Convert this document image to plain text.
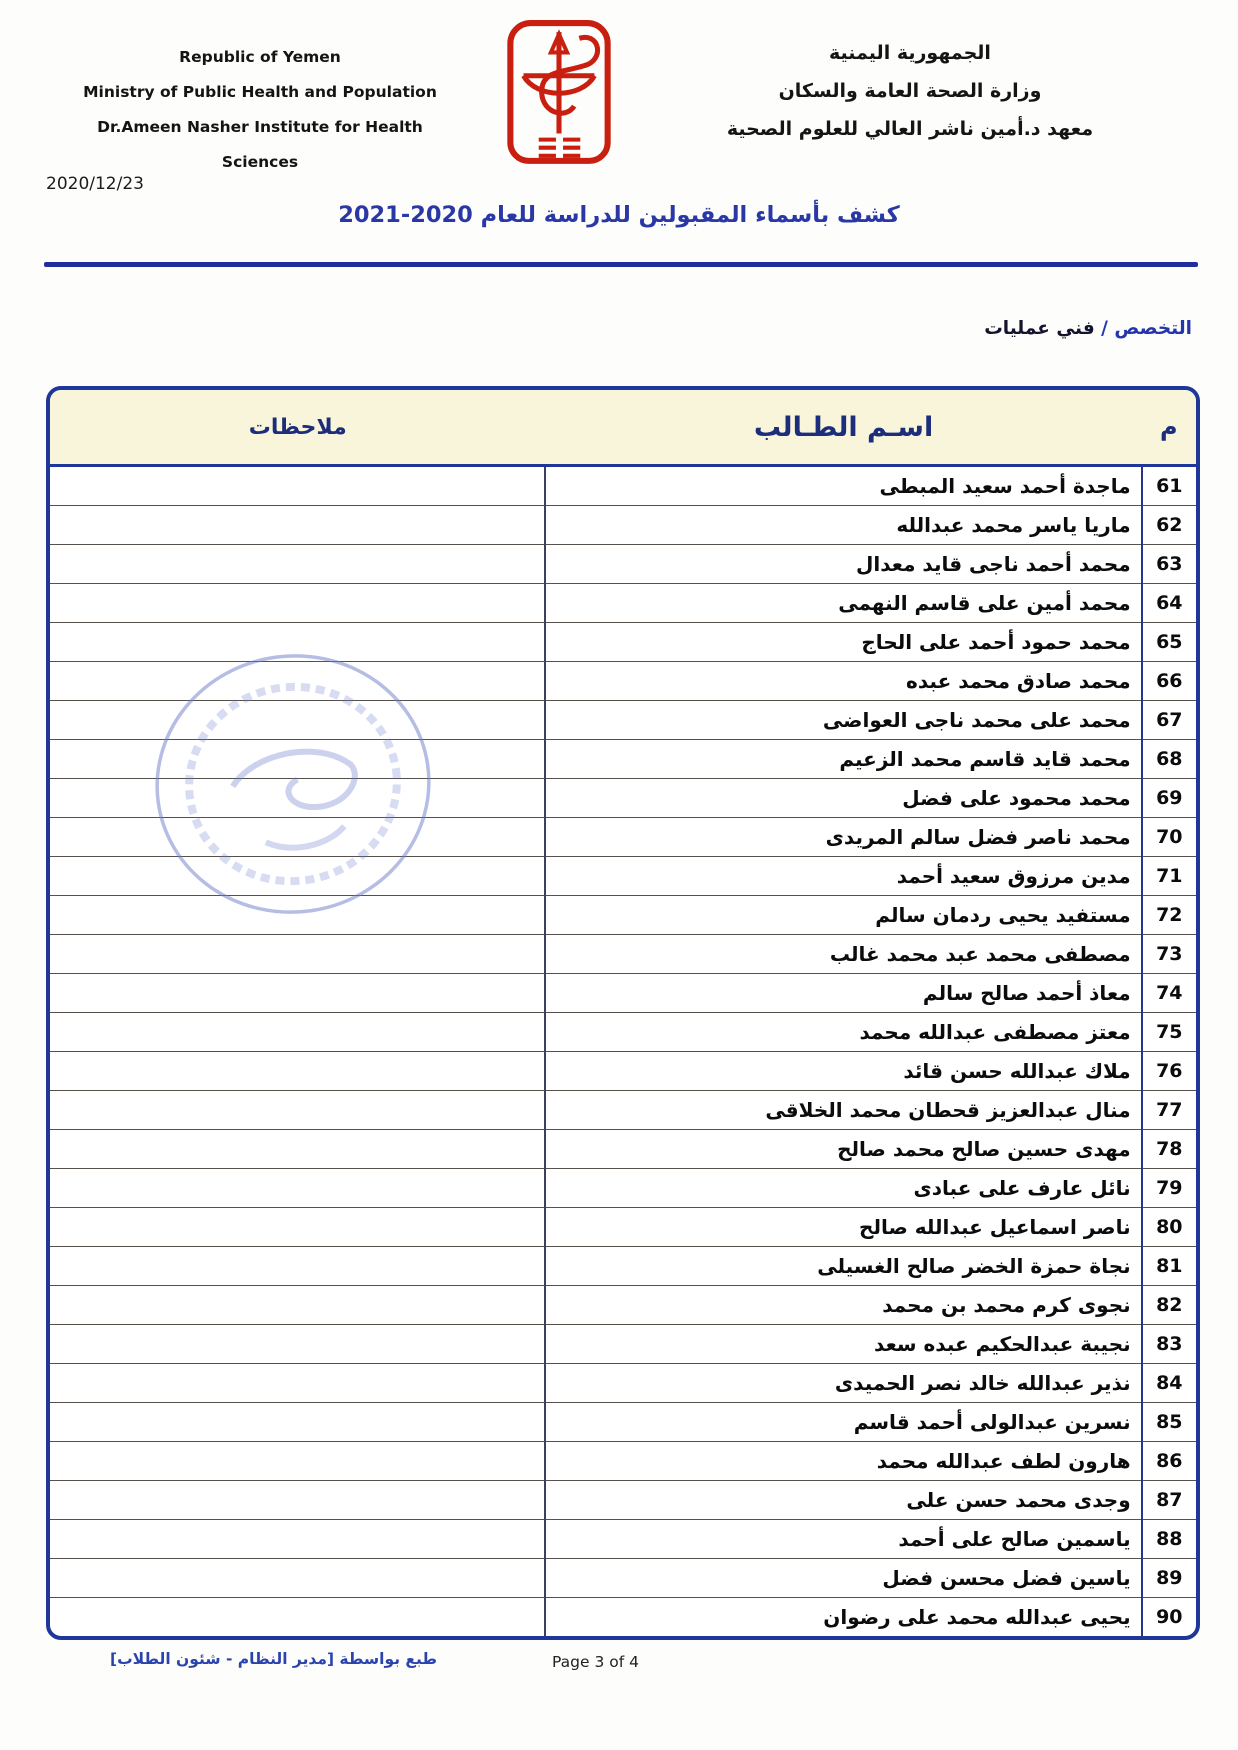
Republic of Yemen
Ministry of Public Health and Population
Dr.Ameen Nasher Institute for Health Sciences
الجمهورية اليمنية
وزارة الصحة العامة والسكان
معهد د.أمين ناشر العالي للعلوم الصحية
2020/12/23
كشف بأسماء المقبولين للدراسة للعام 2020-2021
التخصص / فني عمليات
م	اسـم الطـالب	ملاحظات
61	ماجدة أحمد سعيد المبطى	
62	ماريا ياسر محمد عبدالله	
63	محمد أحمد ناجى قايد معدال	
64	محمد أمين على قاسم النهمى	
65	محمد حمود أحمد على الحاج	
66	محمد صادق محمد عبده	
67	محمد على محمد ناجى العواضى	
68	محمد قايد قاسم محمد الزعيم	
69	محمد محمود على فضل	
70	محمد ناصر فضل سالم المريدى	
71	مدين مرزوق سعيد أحمد	
72	مستفيد يحيى ردمان سالم	
73	مصطفى محمد عبد محمد غالب	
74	معاذ أحمد صالح سالم	
75	معتز مصطفى عبدالله محمد	
76	ملاك عبدالله حسن قائد	
77	منال عبدالعزيز قحطان محمد الخلاقى	
78	مهدى حسين صالح محمد صالح	
79	نائل عارف على عبادى	
80	ناصر اسماعيل عبدالله صالح	
81	نجاة حمزة الخضر صالح الغسيلى	
82	نجوى كرم محمد بن محمد	
83	نجيبة عبدالحكيم عبده سعد	
84	نذير عبدالله خالد نصر الحميدى	
85	نسرين عبدالولى أحمد قاسم	
86	هارون لطف عبدالله محمد	
87	وجدى محمد حسن على	
88	ياسمين صالح على أحمد	
89	ياسين فضل محسن فضل	
90	يحيى عبدالله محمد على رضوان	
طبع بواسطة [مدير النظام - شئون الطلاب]	Page 3 of 4
